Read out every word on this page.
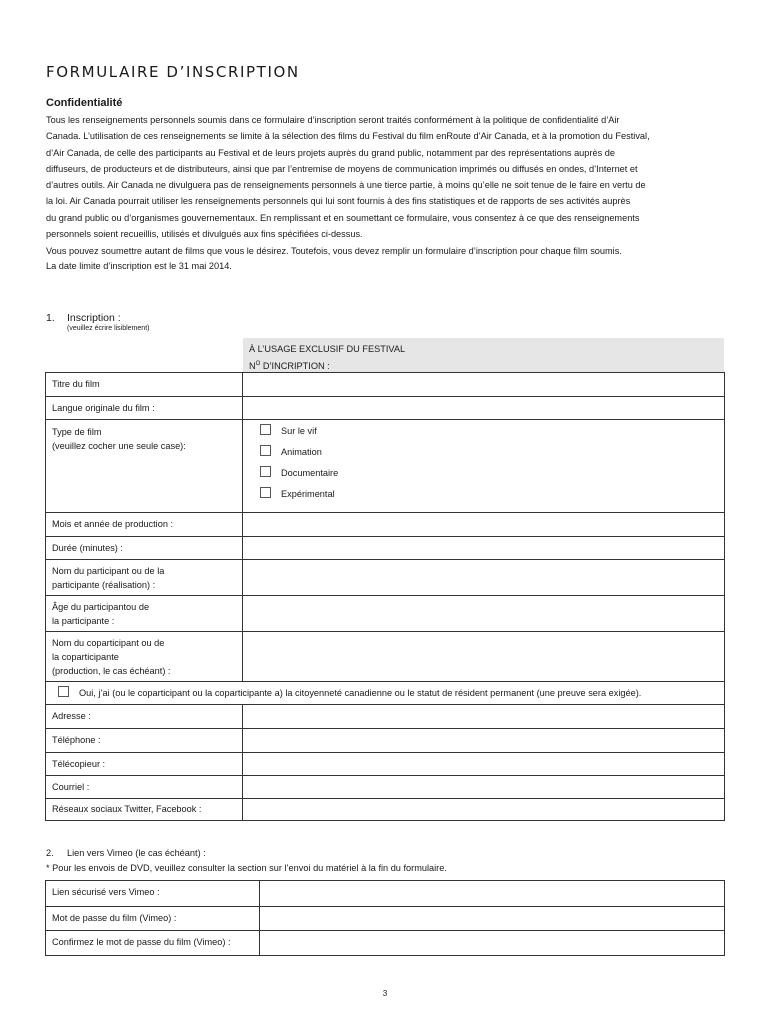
FORMULAIRE D’INSCRIPTION
Confidentialité
Tous les renseignements personnels soumis dans ce formulaire d’inscription seront traités conformément à la politique de confidentialité d’Air
Canada. L’utilisation de ces renseignements se limite à la sélection des films du Festival du film enRoute d’Air Canada, et à la promotion du Festival,
d’Air Canada, de celle des participants au Festival et de leurs projets auprès du grand public, notamment par des représentations auprès de
diffuseurs, de producteurs et de distributeurs, ainsi que par l’entremise de moyens de communication imprimés ou diffusés en ondes, d’Internet et
d’autres outils. Air Canada ne divulguera pas de renseignements personnels à une tierce partie, à moins qu’elle ne soit tenue de le faire en vertu de
la loi. Air Canada pourrait utiliser les renseignements personnels qui lui sont fournis à des fins statistiques et de rapports de ses activités auprès
du grand public ou d’organismes gouvernementaux. En remplissant et en soumettant ce formulaire, vous consentez à ce que des renseignements
personnels soient recueillis, utilisés et divulgués aux fins spécifiées ci-dessus.
Vous pouvez soumettre autant de films que vous le désirez. Toutefois, vous devez remplir un formulaire d’inscription pour chaque film soumis.
La date limite d’inscription est le 31 mai 2014.
1. Inscription :
(veuillez écrire lisiblement)
À L’USAGE EXCLUSIF DU FESTIVAL
$N^O$ D’INCRIPTION :
Titre du film	
Langue originale du film :	

Type de film
(veuillez cocher une seule case):	Sur le vif
Animation
Documentaire
Expérimental

Mois et année de production :	
Durée (minutes) :	

Nom du participant ou de la
participante (réalisation) :	

Âge du participantou de
la participante :	

Nom du coparticipant ou de
la coparticipante
(production, le cas échéant) :	

Oui, j’ai (ou le coparticipant ou la coparticipante a) la citoyenneté canadienne ou le statut de résident permanent (une preuve sera exigée).	
Adresse :	
Téléphone :	
Télécopieur :	
Courriel :	
Réseaux sociaux Twitter, Facebook :	
2. Lien vers Vimeo (le cas échéant) :
* Pour les envois de DVD, veuillez consulter la section sur l’envoi du matériel à la fin du formulaire.
Lien sécurisé vers Vimeo :	
Mot de passe du film (Vimeo) :	
Confirmez le mot de passe du film (Vimeo) :	
3
